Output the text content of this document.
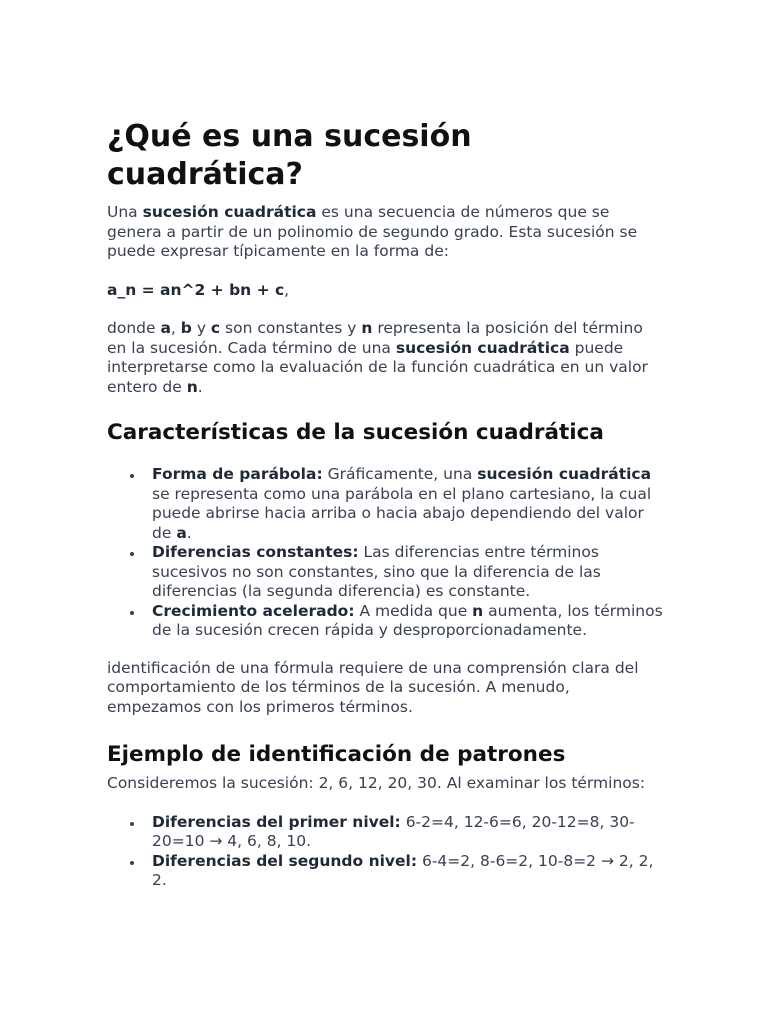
¿Qué es una sucesión cuadrática?

Una sucesión cuadrática es una secuencia de números que se genera a partir de un polinomio de segundo grado. Esta sucesión se puede expresar típicamente en la forma de:

a_n = an^2 + bn + c,

donde a, b y c son constantes y n representa la posición del término en la sucesión. Cada término de una sucesión cuadrática puede interpretarse como la evaluación de la función cuadrática en un valor entero de n.

Características de la sucesión cuadrática
Forma de parábola: Gráficamente, una sucesión cuadrática se representa como una parábola en el plano cartesiano, la cual puede abrirse hacia arriba o hacia abajo dependiendo del valor de a.
Diferencias constantes: Las diferencias entre términos sucesivos no son constantes, sino que la diferencia de las diferencias (la segunda diferencia) es constante.
Crecimiento acelerado: A medida que n aumenta, los términos de la sucesión crecen rápida y desproporcionadamente.

identificación de una fórmula requiere de una comprensión clara del comportamiento de los términos de la sucesión. A menudo, empezamos con los primeros términos.

Ejemplo de identificación de patrones

Consideremos la sucesión: 2, 6, 12, 20, 30. Al examinar los términos:

Diferencias del primer nivel: 6-2=4, 12-6=6, 20-12=8, 30-20=10 → 4, 6, 8, 10.
Diferencias del segundo nivel: 6-4=2, 8-6=2, 10-8=2 → 2, 2, 2.
